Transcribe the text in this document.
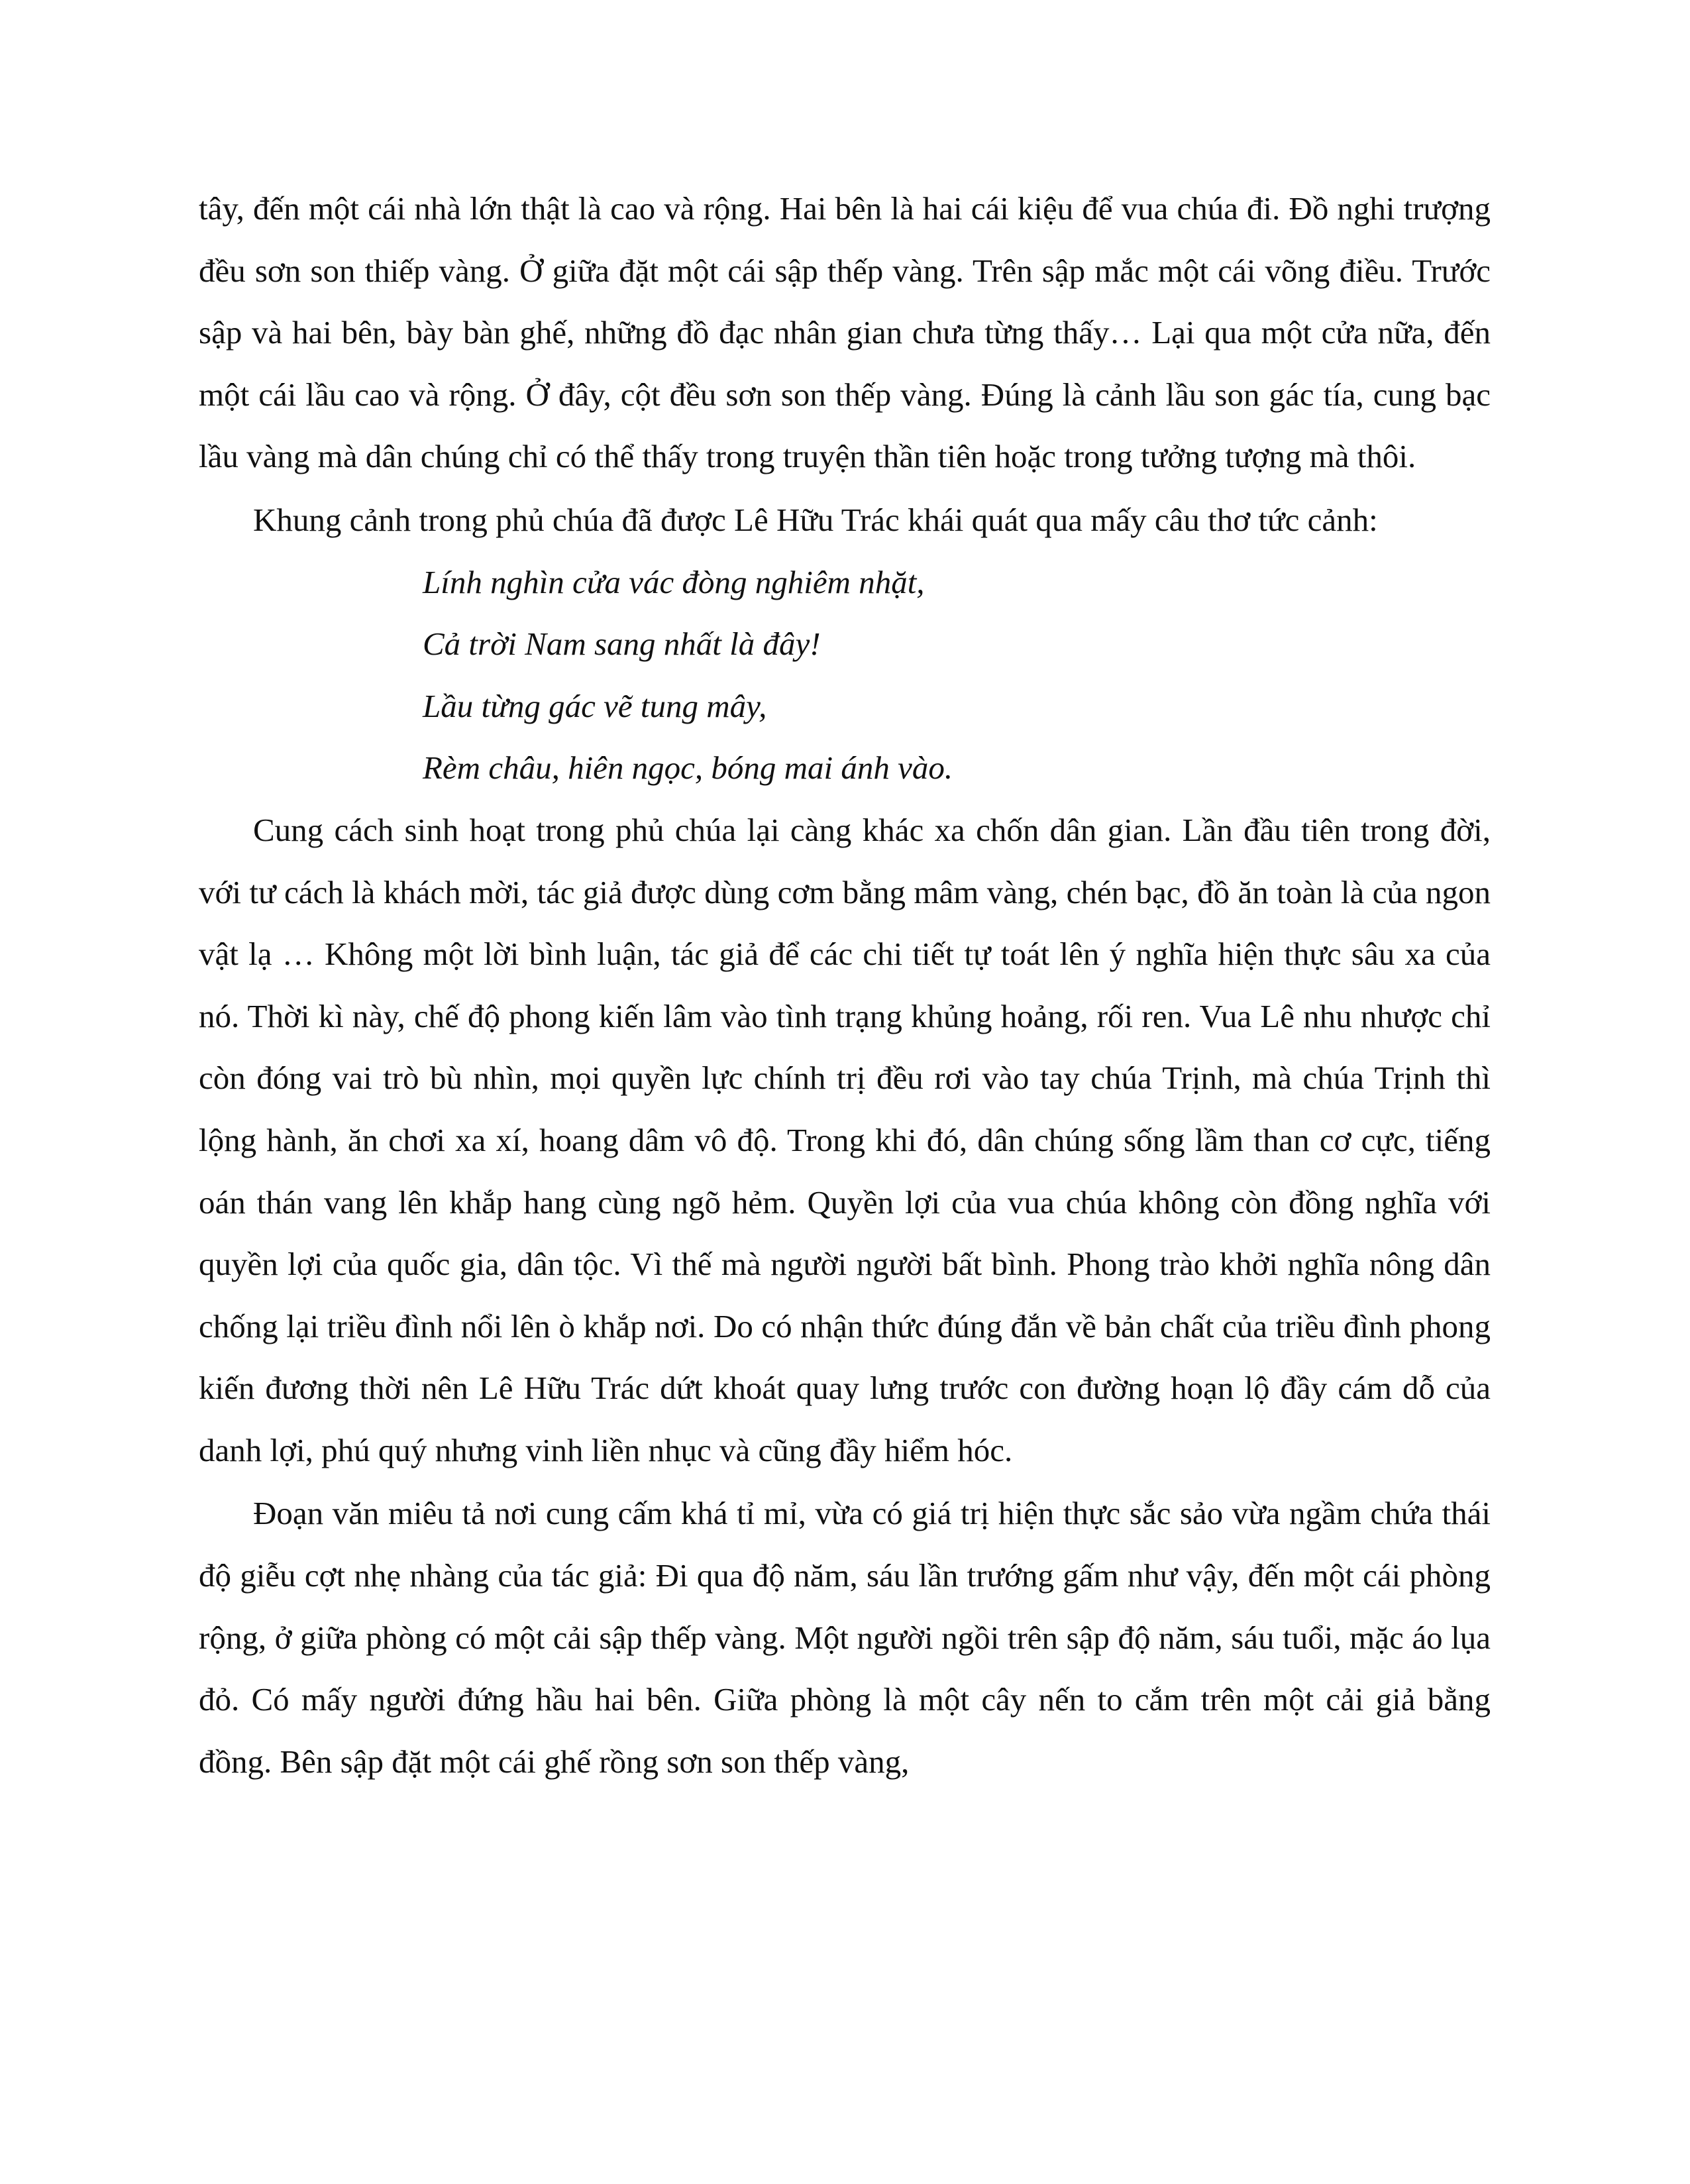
tây, đến một cái nhà lớn thật là cao và rộng. Hai bên là hai cái kiệu để vua chúa đi. Đồ nghi trượng đều sơn son thiếp vàng. Ở giữa đặt một cái sập thếp vàng. Trên sập mắc một cái võng điều. Trước sập và hai bên, bày bàn ghế, những đồ đạc nhân gian chưa từng thấy… Lại qua một cửa nữa, đến một cái lầu cao và rộng. Ở đây, cột đều sơn son thếp vàng. Đúng là cảnh lầu son gác tía, cung bạc lầu vàng mà dân chúng chỉ có thể thấy trong truyện thần tiên hoặc trong tưởng tượng mà thôi.

Khung cảnh trong phủ chúa đã được Lê Hữu Trác khái quát qua mấy câu thơ tức cảnh:

Lính nghìn cửa vác đòng nghiêm nhặt,
Cả trời Nam sang nhất là đây!
Lầu từng gác vẽ tung mây,
Rèm châu, hiên ngọc, bóng mai ánh vào.

Cung cách sinh hoạt trong phủ chúa lại càng khác xa chốn dân gian. Lần đầu tiên trong đời, với tư cách là khách mời, tác giả được dùng cơm bằng mâm vàng, chén bạc, đồ ăn toàn là của ngon vật lạ … Không một lời bình luận, tác giả để các chi tiết tự toát lên ý nghĩa hiện thực sâu xa của nó. Thời kì này, chế độ phong kiến lâm vào tình trạng khủng hoảng, rối ren. Vua Lê nhu nhược chỉ còn đóng vai trò bù nhìn, mọi quyền lực chính trị đều rơi vào tay chúa Trịnh, mà chúa Trịnh thì lộng hành, ăn chơi xa xí, hoang dâm vô độ. Trong khi đó, dân chúng sống lầm than cơ cực, tiếng oán thán vang lên khắp hang cùng ngõ hẻm. Quyền lợi của vua chúa không còn đồng nghĩa với quyền lợi của quốc gia, dân tộc. Vì thế mà người người bất bình. Phong trào khởi nghĩa nông dân chống lại triều đình nổi lên ò khắp nơi. Do có nhận thức đúng đắn về bản chất của triều đình phong kiến đương thời nên Lê Hữu Trác dứt khoát quay lưng trước con đường hoạn lộ đầy cám dỗ của danh lợi, phú quý nhưng vinh liền nhục và cũng đầy hiểm hóc.

Đoạn văn miêu tả nơi cung cấm khá tỉ mỉ, vừa có giá trị hiện thực sắc sảo vừa ngầm chứa thái độ giễu cợt nhẹ nhàng của tác giả: Đi qua độ năm, sáu lần trướng gấm như vậy, đến một cái phòng rộng, ở giữa phòng có một cải sập thếp vàng. Một người ngồi trên sập độ năm, sáu tuổi, mặc áo lụa đỏ. Có mấy người đứng hầu hai bên. Giữa phòng là một cây nến to cắm trên một cải giả bằng đồng. Bên sập đặt một cái ghế rồng sơn son thếp vàng,
